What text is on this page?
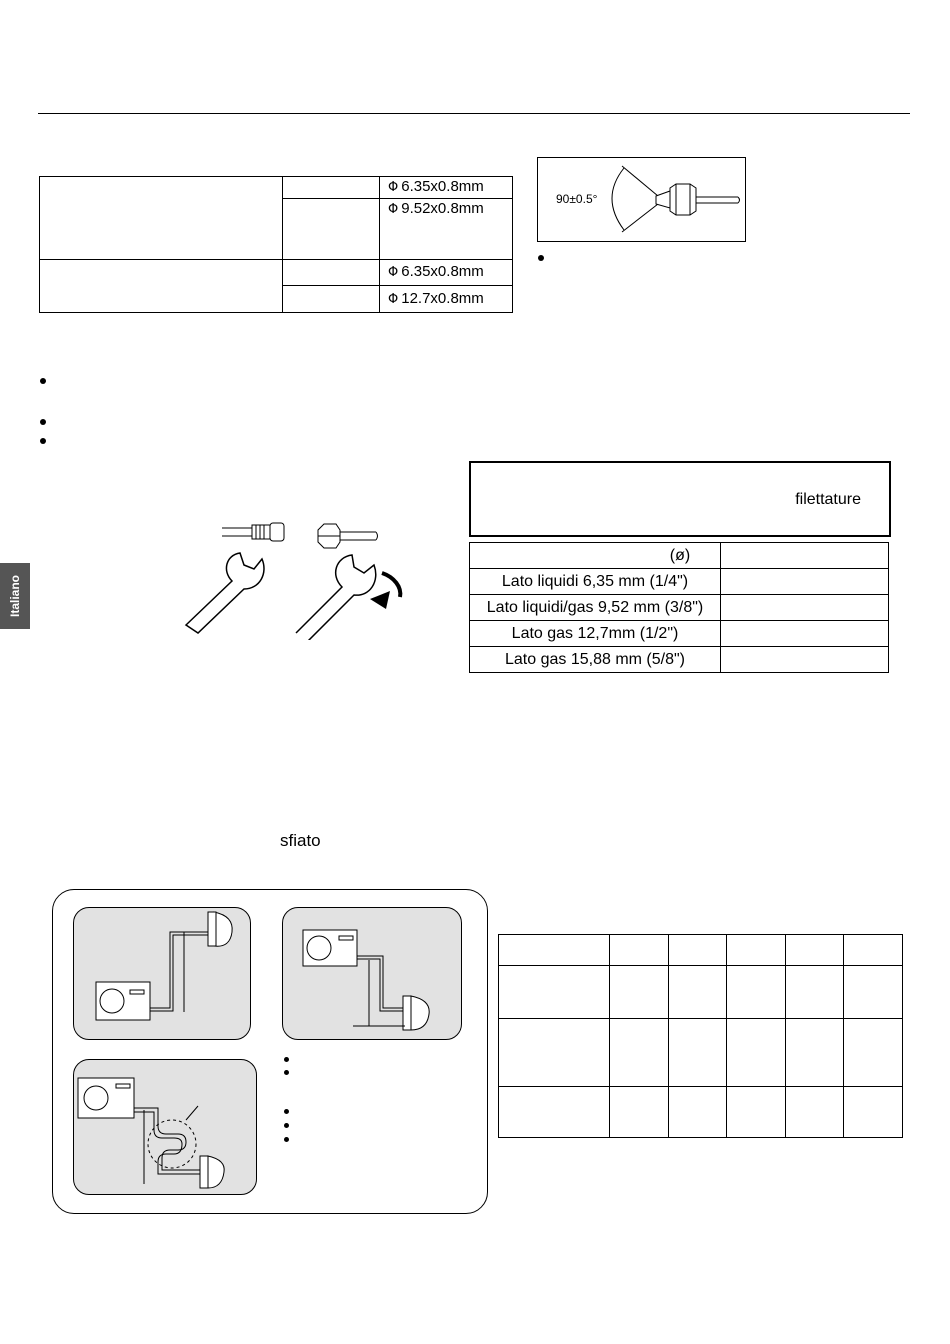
		Φ 6.35x0.8mm
		Φ 9.52x0.8mm
		Φ 6.35x0.8mm
		Φ 12.7x0.8mm
90±0.5°
Italiano
filettature
(ø)	
Lato liquidi 6,35 mm (1/4")	
Lato liquidi/gas 9,52 mm (3/8")	
Lato gas 12,7mm (1/2")	
Lato gas 15,88 mm (5/8")	
sfiato
